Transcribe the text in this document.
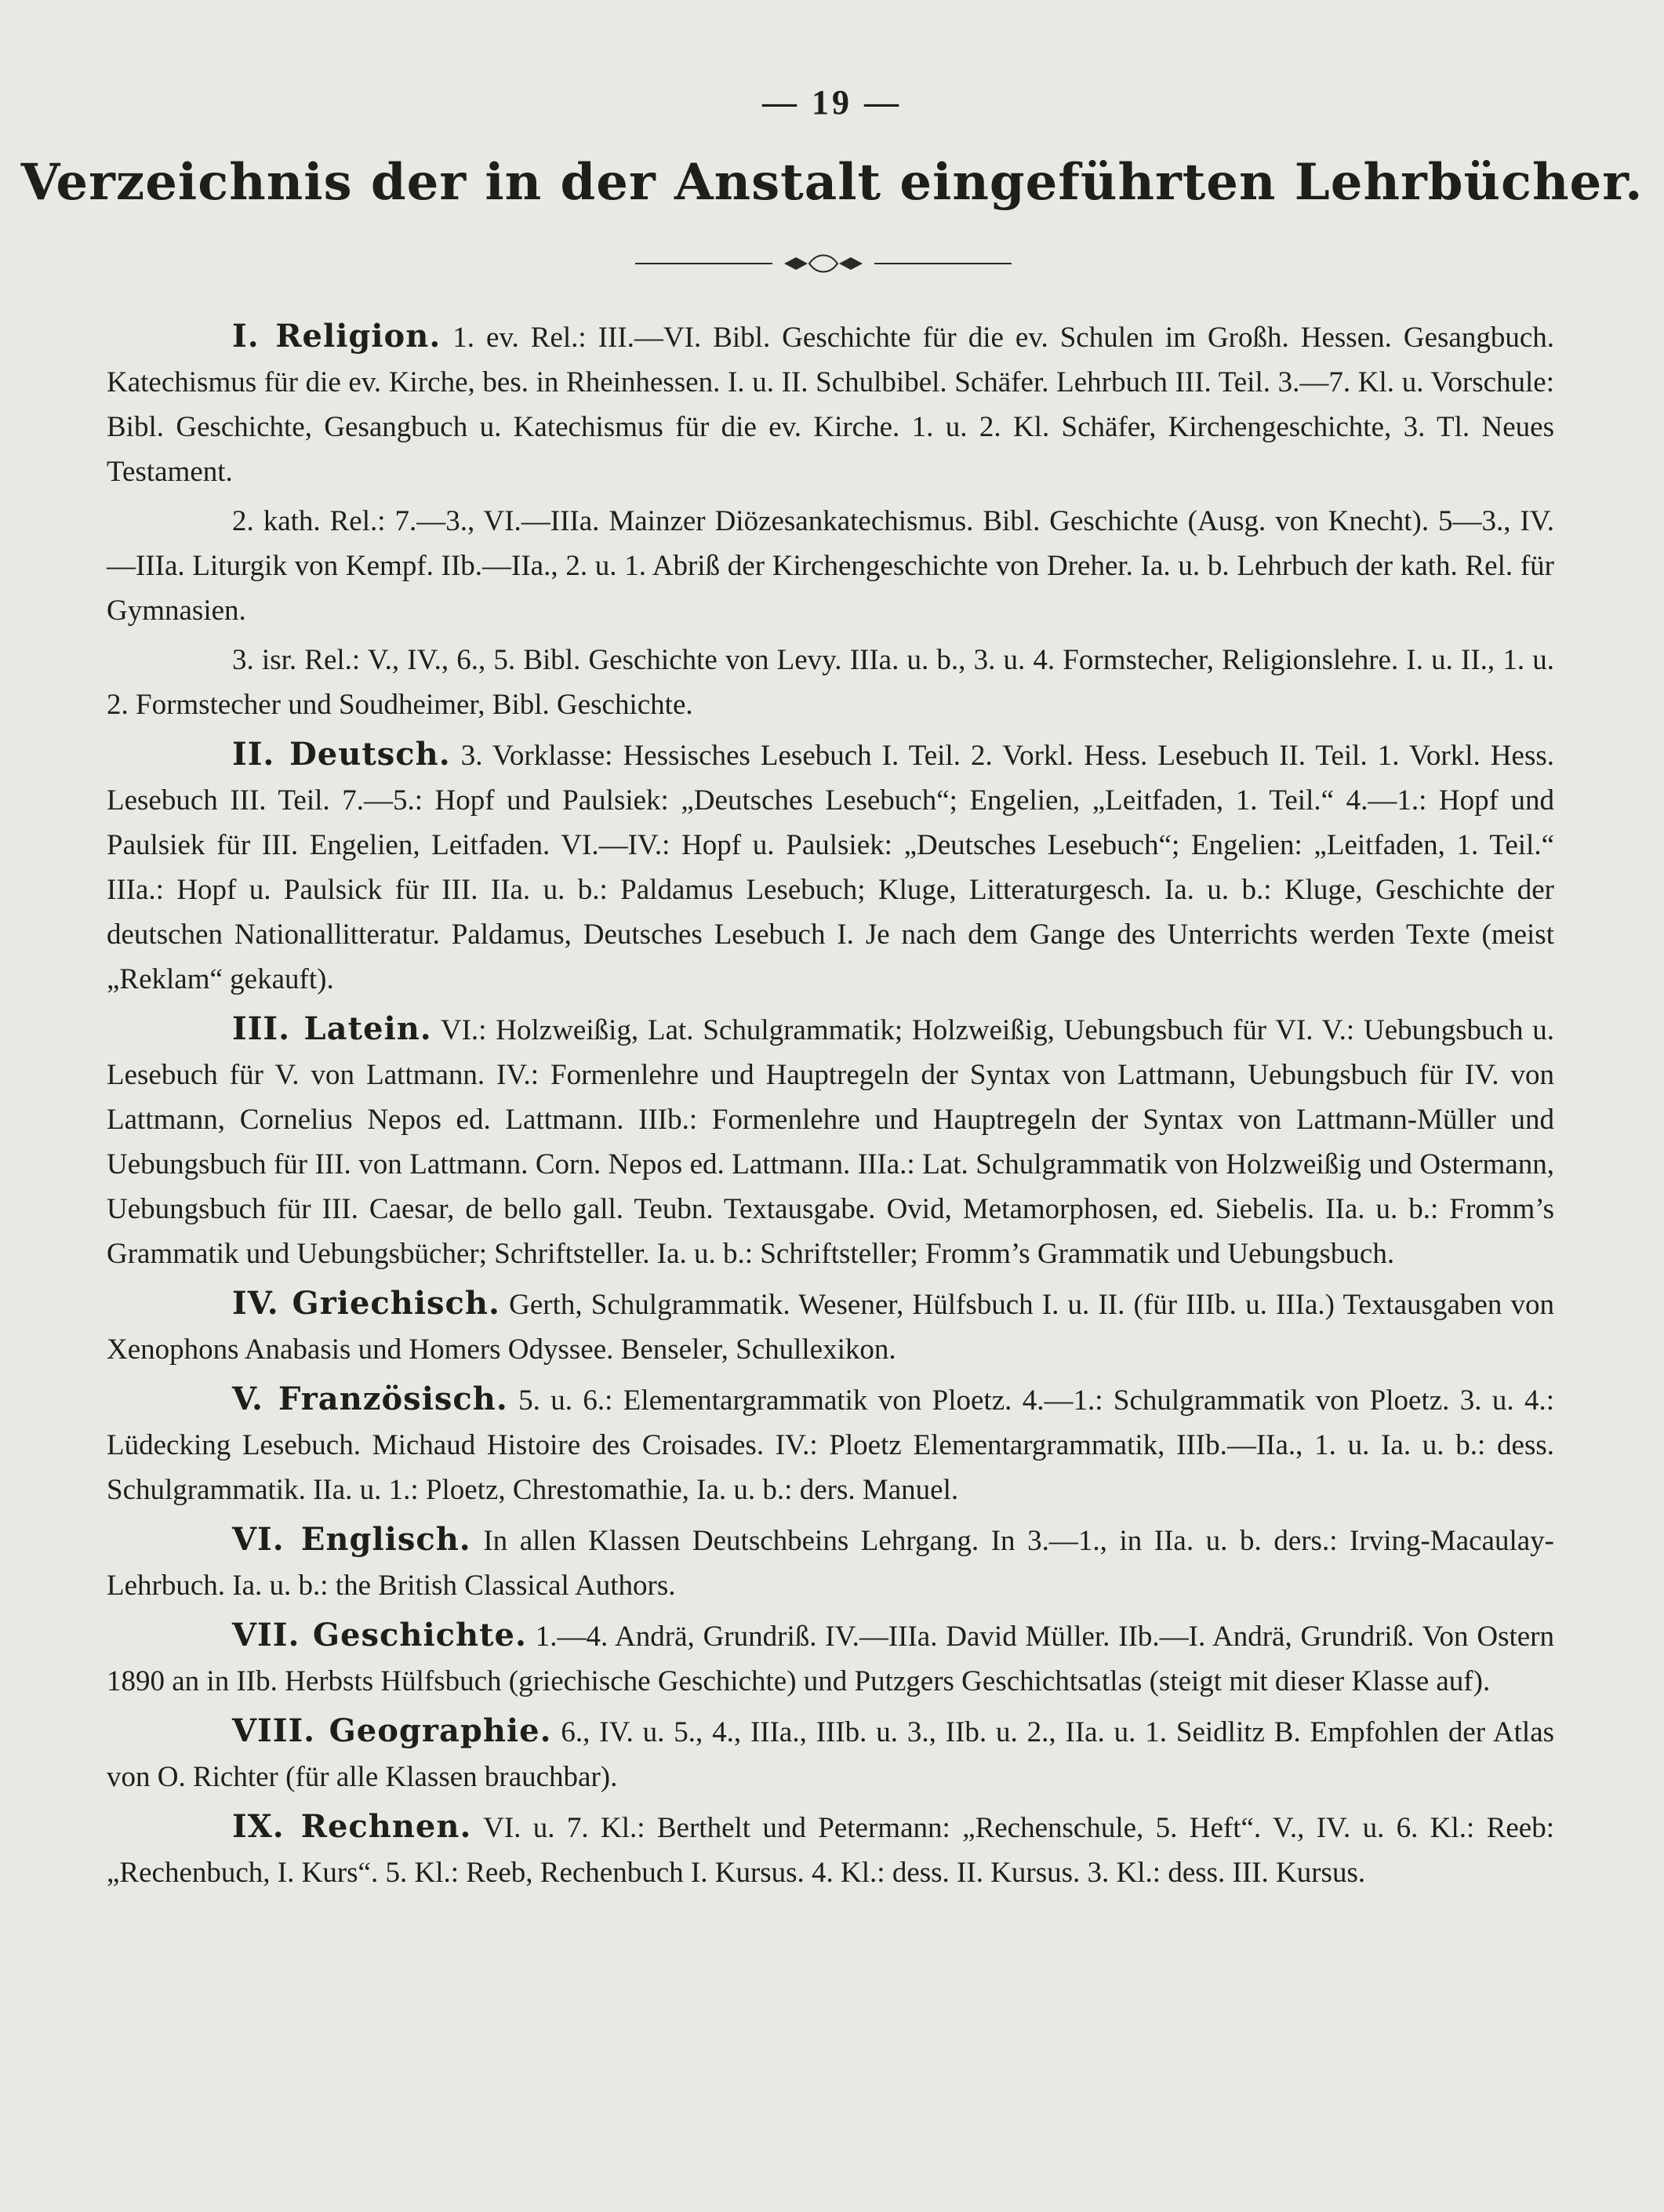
— 19 —
Verzeichnis der in der Anstalt eingeführten Lehrbücher.

I. Religion. 1. ev. Rel.: III.—VI. Bibl. Geschichte für die ev. Schulen im Großh. Hessen. Gesangbuch. Katechismus für die ev. Kirche, bes. in Rheinhessen. I. u. II. Schulbibel. Schäfer. Lehrbuch III. Teil. 3.—7. Kl. u. Vorschule: Bibl. Geschichte, Gesangbuch u. Katechismus für die ev. Kirche. 1. u. 2. Kl. Schäfer, Kirchengeschichte, 3. Tl. Neues Testament.

2. kath. Rel.: 7.—3., VI.—IIIa. Mainzer Diözesankatechismus. Bibl. Geschichte (Ausg. von Knecht). 5—3., IV.—IIIa. Liturgik von Kempf. IIb.—IIa., 2. u. 1. Abriß der Kirchengeschichte von Dreher. Ia. u. b. Lehrbuch der kath. Rel. für Gymnasien.

3. isr. Rel.: V., IV., 6., 5. Bibl. Geschichte von Levy. IIIa. u. b., 3. u. 4. Formstecher, Religionslehre. I. u. II., 1. u. 2. Formstecher und Soudheimer, Bibl. Geschichte.

II. Deutsch. 3. Vorklasse: Hessisches Lesebuch I. Teil. 2. Vorkl. Hess. Lesebuch II. Teil. 1. Vorkl. Hess. Lesebuch III. Teil. 7.—5.: Hopf und Paulsiek: „Deutsches Lesebuch“; Engelien, „Leitfaden, 1. Teil.“ 4.—1.: Hopf und Paulsiek für III. Engelien, Leitfaden. VI.—IV.: Hopf u. Paulsiek: „Deutsches Lesebuch“; Engelien: „Leitfaden, 1. Teil.“ IIIa.: Hopf u. Paulsick für III. IIa. u. b.: Paldamus Lesebuch; Kluge, Litteraturgesch. Ia. u. b.: Kluge, Geschichte der deutschen Nationallitteratur. Paldamus, Deutsches Lesebuch I. Je nach dem Gange des Unterrichts werden Texte (meist „Reklam“ gekauft).

III. Latein. VI.: Holzweißig, Lat. Schulgrammatik; Holzweißig, Uebungsbuch für VI. V.: Uebungsbuch u. Lesebuch für V. von Lattmann. IV.: Formenlehre und Hauptregeln der Syntax von Lattmann, Uebungsbuch für IV. von Lattmann, Cornelius Nepos ed. Lattmann. IIIb.: Formenlehre und Hauptregeln der Syntax von Lattmann-Müller und Uebungsbuch für III. von Lattmann. Corn. Nepos ed. Lattmann. IIIa.: Lat. Schulgrammatik von Holzweißig und Ostermann, Uebungsbuch für III. Caesar, de bello gall. Teubn. Textausgabe. Ovid, Metamorphosen, ed. Siebelis. IIa. u. b.: Fromm’s Grammatik und Uebungsbücher; Schriftsteller. Ia. u. b.: Schriftsteller; Fromm’s Grammatik und Uebungsbuch.

IV. Griechisch. Gerth, Schulgrammatik. Wesener, Hülfsbuch I. u. II. (für IIIb. u. IIIa.) Textausgaben von Xenophons Anabasis und Homers Odyssee. Benseler, Schullexikon.

V. Französisch. 5. u. 6.: Elementargrammatik von Ploetz. 4.—1.: Schulgrammatik von Ploetz. 3. u. 4.: Lüdecking Lesebuch. Michaud Histoire des Croisades. IV.: Ploetz Elementargrammatik, IIIb.—IIa., 1. u. Ia. u. b.: dess. Schulgrammatik. IIa. u. 1.: Ploetz, Chrestomathie, Ia. u. b.: ders. Manuel.

VI. Englisch. In allen Klassen Deutschbeins Lehrgang. In 3.—1., in IIa. u. b. ders.: Irving-Macaulay-Lehrbuch. Ia. u. b.: the British Classical Authors.

VII. Geschichte. 1.—4. Andrä, Grundriß. IV.—IIIa. David Müller. IIb.—I. Andrä, Grundriß. Von Ostern 1890 an in IIb. Herbsts Hülfsbuch (griechische Geschichte) und Putzgers Geschichtsatlas (steigt mit dieser Klasse auf).

VIII. Geographie. 6., IV. u. 5., 4., IIIa., IIIb. u. 3., IIb. u. 2., IIa. u. 1. Seidlitz B. Empfohlen der Atlas von O. Richter (für alle Klassen brauchbar).

IX. Rechnen. VI. u. 7. Kl.: Berthelt und Petermann: „Rechenschule, 5. Heft“. V., IV. u. 6. Kl.: Reeb: „Rechenbuch, I. Kurs“. 5. Kl.: Reeb, Rechenbuch I. Kursus. 4. Kl.: dess. II. Kursus. 3. Kl.: dess. III. Kursus.
